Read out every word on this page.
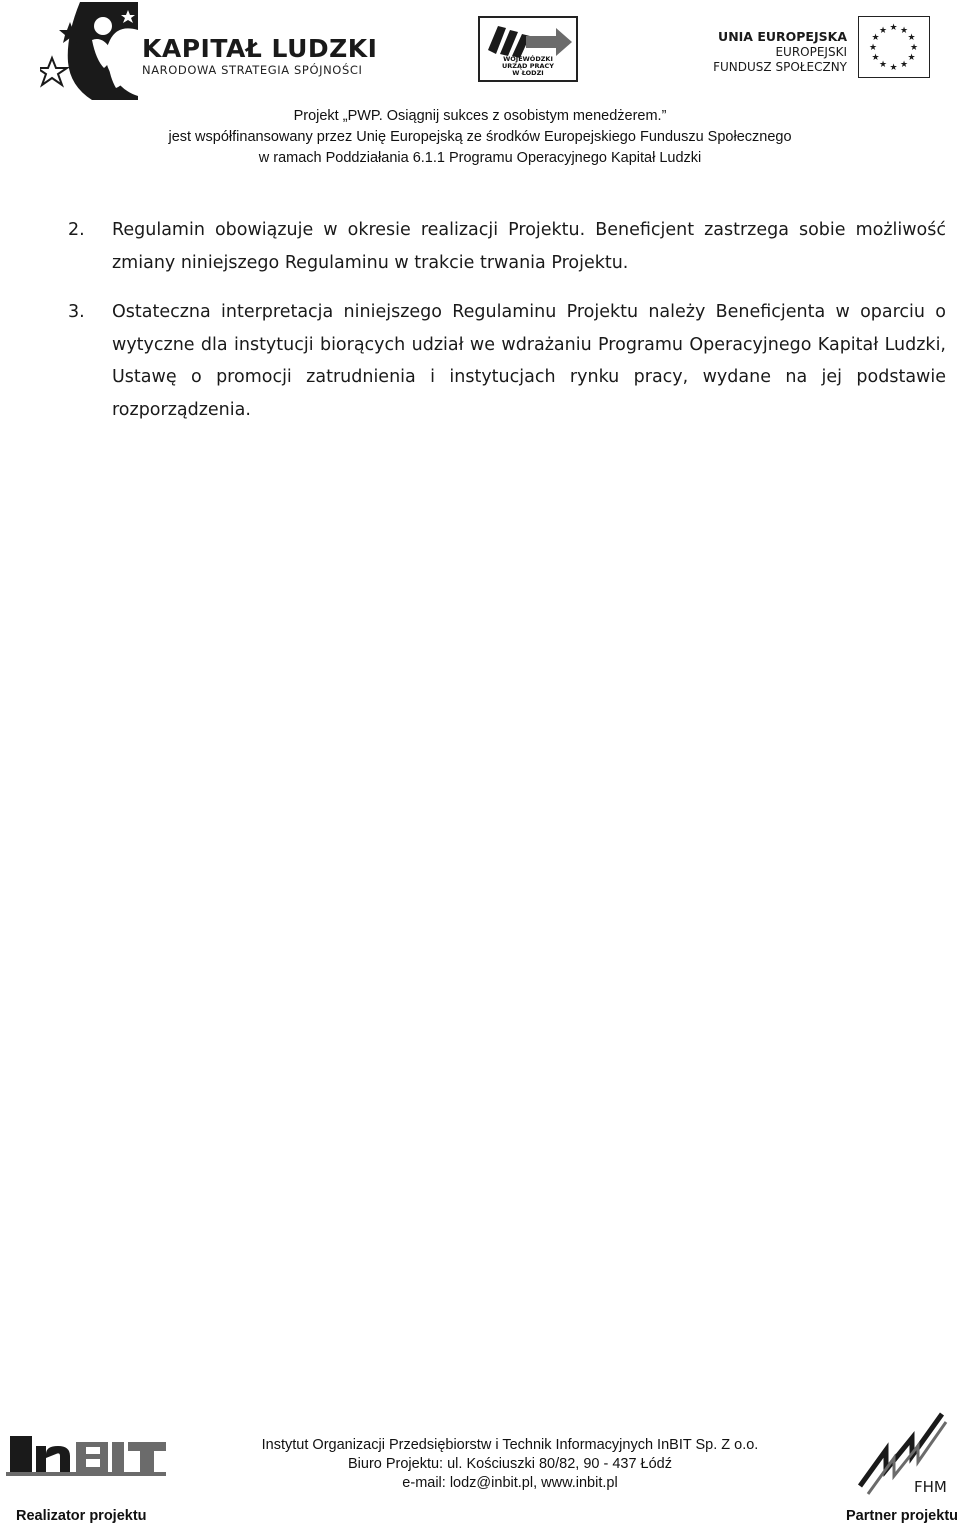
KAPITAŁ LUDZKI
NARODOWA STRATEGIA SPÓJNOŚCI
WOJEWÓDZKI
URZĄD PRACY
W ŁODZI
UNIA EUROPEJSKA
EUROPEJSKI
FUNDUSZ SPOŁECZNY
★ ★
★
★
★
★
★
★
★
★
★
★
Projekt „PWP. Osiągnij sukces z osobistym menedżerem.”
jest współfinansowany przez Unię Europejską ze środków Europejskiego Funduszu Społecznego
w ramach Poddziałania 6.1.1 Programu Operacyjnego Kapitał Ludzki
2. Regulamin obowiązuje w okresie realizacji Projektu. Beneficjent zastrzega sobie możliwość zmiany niniejszego Regulaminu w trakcie trwania Projektu.
3. Ostateczna interpretacja niniejszego Regulaminu Projektu należy Beneficjenta w oparciu o wytyczne dla instytucji biorących udział we wdrażaniu Programu Operacyjnego Kapitał Ludzki, Ustawę o promocji zatrudnienia i instytucjach rynku pracy, wydane na jej podstawie rozporządzenia.
Instytut Organizacji Przedsiębiorstw i Technik Informacyjnych InBIT Sp. Z o.o.
Biuro Projektu: ul. Kościuszki 80/82, 90 - 437 Łódź
e-mail: lodz@inbit.pl, www.inbit.pl	FHM
Realizator projektu	Partner projektu
